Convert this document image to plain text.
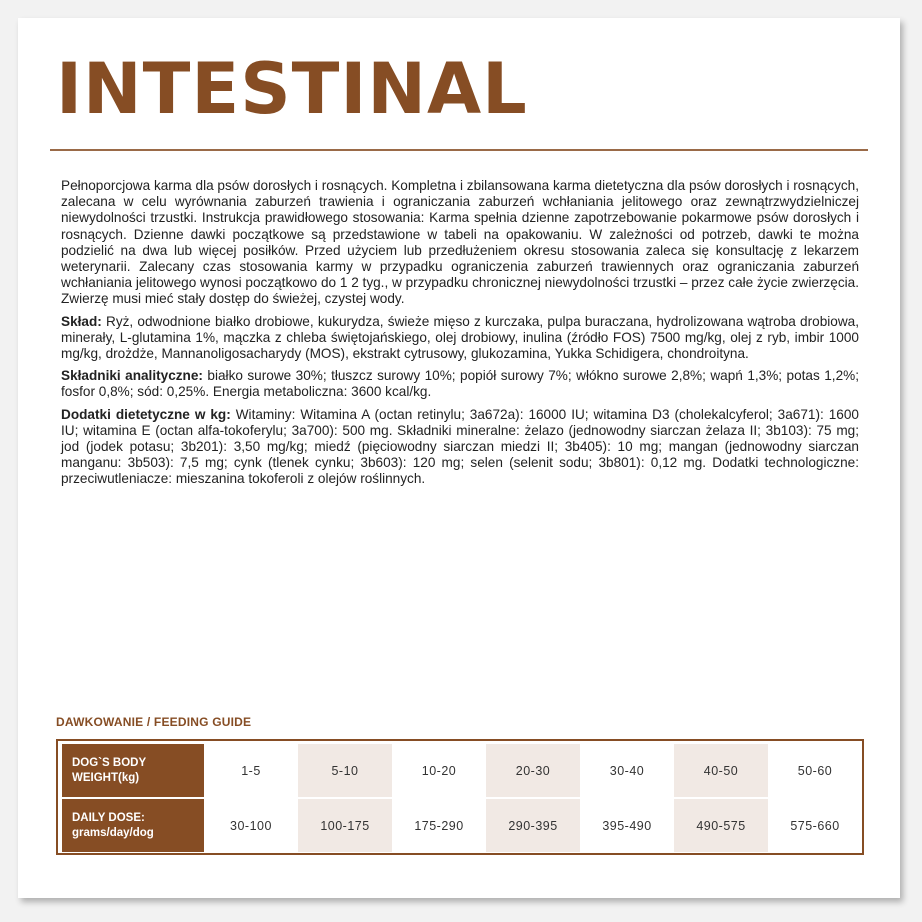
INTESTINAL

Pełnoporcjowa karma dla psów dorosłych i rosnących. Kompletna i zbilansowana karma dietetyczna dla psów dorosłych i rosnących, zalecana w celu wyrównania zaburzeń trawienia i ograniczania zaburzeń wchłaniania jelitowego oraz zewnątrzwydzielniczej niewydolności trzustki. Instrukcja prawidłowego stosowania: Karma spełnia dzienne zapotrzebowanie pokarmowe psów dorosłych i rosnących. Dzienne dawki początkowe są przedstawione w tabeli na opakowaniu. W zależności od potrzeb, dawki te można podzielić na dwa lub więcej posiłków. Przed użyciem lub przedłużeniem okresu stosowania zaleca się konsultację z lekarzem weterynarii. Zalecany czas stosowania karmy w przypadku ograniczenia zaburzeń trawiennych oraz ograniczania zaburzeń wchłaniania jelitowego wynosi początkowo do 1 2 tyg., w przypadku chronicznej niewydolności trzustki – przez całe życie zwierzęcia. Zwierzę musi mieć stały dostęp do świeżej, czystej wody.

Skład: Ryż, odwodnione białko drobiowe, kukurydza, świeże mięso z kurczaka, pulpa buraczana, hydrolizowana wątroba drobiowa, minerały, L-glutamina 1%, mączka z chleba świętojańskiego, olej drobiowy, inulina (źródło FOS) 7500 mg/kg, olej z ryb, imbir 1000 mg/kg, drożdże, Mannanoligosacharydy (MOS), ekstrakt cytrusowy, glukozamina, Yukka Schidigera, chondroityna.

Składniki analityczne: białko surowe 30%; tłuszcz surowy 10%; popiół surowy 7%; włókno surowe 2,8%; wapń 1,3%; potas 1,2%; fosfor 0,8%; sód: 0,25%. Energia metaboliczna: 3600 kcal/kg.

Dodatki dietetyczne w kg: Witaminy: Witamina A (octan retinylu; 3a672a): 16000 IU; witamina D3 (cholekalcyferol; 3a671): 1600 IU; witamina E (octan alfa-tokoferylu; 3a700): 500 mg. Składniki mineralne: żelazo (jednowodny siarczan żelaza II; 3b103): 75 mg; jod (jodek potasu; 3b201): 3,50 mg/kg; miedź (pięciowodny siarczan miedzi II; 3b405): 10 mg; mangan (jednowodny siarczan manganu: 3b503): 7,5 mg; cynk (tlenek cynku; 3b603): 120 mg; selen (selenit sodu; 3b801): 0,12 mg. Dodatki technologiczne: przeciwutleniacze: mieszanina tokoferoli z olejów roślinnych.

DAWKOWANIE / FEEDING GUIDE
DOG`S BODY
WEIGHT(kg)	1-5	5-10	10-20	20-30	30-40	40-50	50-60
DAILY DOSE:
grams/day/dog	30-100	100-175	175-290	290-395	395-490	490-575	575-660
